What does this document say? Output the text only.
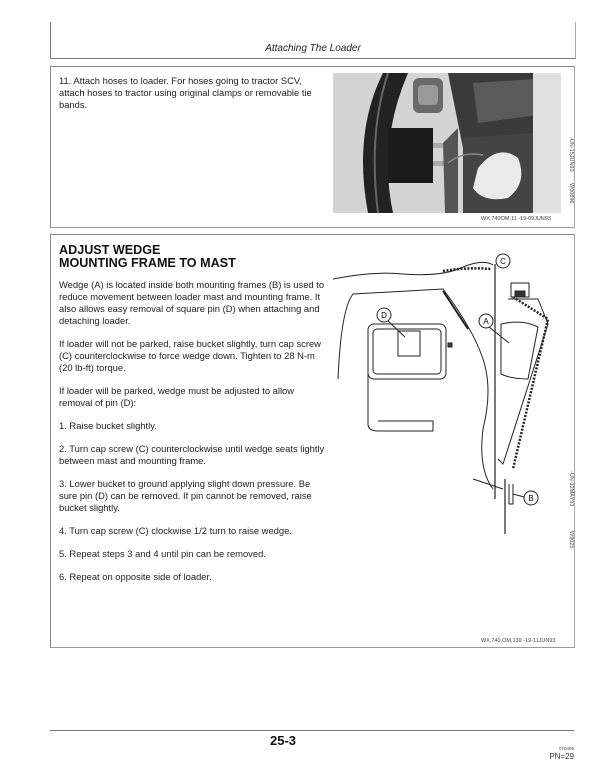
Attaching The Loader
11. Attach hoses to loader. For hoses going to tractor SCV, attach hoses to tractor using original clamps or removable tie bands.
-UN-15JUN93
W00896
WX,740OM,11 -19-09JUN93
ADJUST WEDGE
MOUNTING FRAME TO MAST

Wedge (A) is located inside both mounting frames (B) is used to reduce movement between loader mast and mounting frame. It also allows easy removal of square pin (D) when attaching and detaching loader.

If loader will not be parked, raise bucket slightly, turn cap screw (C) counterclockwise to force wedge down. Tighten to 28 N-m (20 lb-ft) torque.

If loader will be parked, wedge must be adjusted to allow removal of pin (D):

1. Raise bucket slightly.

2. Turn cap screw (C) counterclockwise until wedge seats lightly between mast and mounting frame.

3. Lower bucket to ground applying slight down pressure. Be sure pin (D) can be removed. If pin cannot be removed, raise bucket slightly.

4. Turn cap screw (C) clockwise 1/2 turn to raise wedge.

5. Repeat steps 3 and 4 until pin can be removed.

6. Repeat on opposite side of loader.

C
D
A
B	-UN-12MAY93
W9025
WX,740,OM,139 -19-11JUN93
25-3
070496
PN=29
